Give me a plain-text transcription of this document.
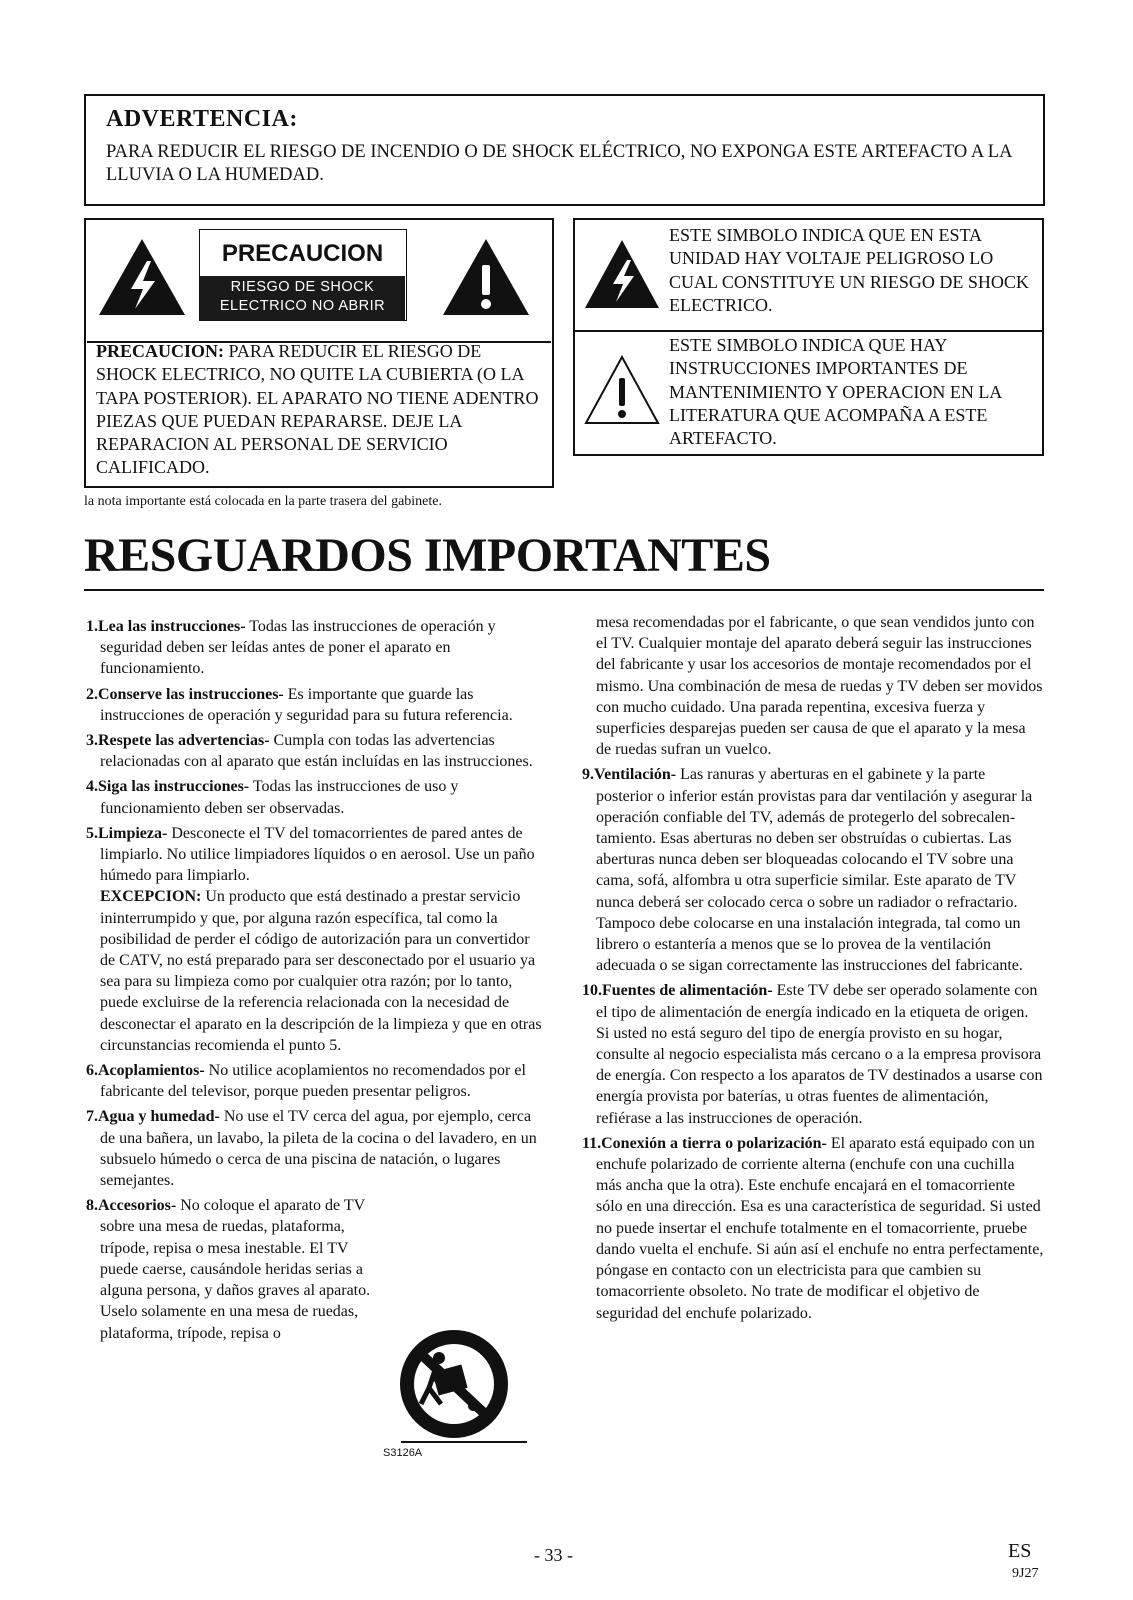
ADVERTENCIA:

PARA REDUCIR EL RIESGO DE INCENDIO O DE SHOCK ELÉCTRICO, NO EXPONGA ESTE ARTEFACTO A LA LLUVIA O LA HUMEDAD.

PRECAUCION

RIESGO DE SHOCK

ELECTRICO NO ABRIR

PRECAUCION: PARA REDUCIR EL RIESGO DE SHOCK ELECTRICO, NO QUITE LA CUBIERTA (O LA TAPA POSTERIOR). EL APARATO NO TIENE ADENTRO PIEZAS QUE PUEDAN REPARARSE. DEJE LA REPARACION AL PERSONAL DE SERVICIO CALIFICADO.

ESTE SIMBOLO INDICA QUE EN ESTA UNIDAD HAY VOLTAJE PELIGROSO LO CUAL CONSTITUYE UN RIESGO DE SHOCK ELECTRICO.

ESTE SIMBOLO INDICA QUE HAY INSTRUCCIONES IMPORTANTES DE MANTENIMIENTO Y OPERACION EN LA LITERATURA QUE ACOMPAÑA A ESTE ARTEFACTO.

la nota importante está colocada en la parte trasera del gabinete.

RESGUARDOS IMPORTANTES

1.Lea las instrucciones- Todas las instrucciones de operación y seguridad deben ser leídas antes de poner el aparato en funcionamiento.

2.Conserve las instrucciones- Es importante que guarde las instrucciones de operación y seguridad para su futura referencia.

3.Respete las advertencias- Cumpla con todas las advertencias relacionadas con al aparato que están incluídas en las instrucciones.

4.Siga las instrucciones- Todas las instrucciones de uso y funcionamiento deben ser observadas.

5.Limpieza- Desconecte el TV del tomacorrientes de pared antes de limpiarlo. No utilice limpiadores líquidos o en aerosol. Use un paño húmedo para limpiarlo.

EXCEPCION: Un producto que está destinado a prestar servicio ininterrumpido y que, por alguna razón específica, tal como la posibilidad de perder el código de autorización para un convertidor de CATV, no está preparado para ser desconectado por el usuario ya sea para su limpieza como por cualquier otra razón; por lo tanto, puede excluirse de la referencia relacionada con la necesidad de desconectar el aparato en la descripción de la limpieza y que en otras circunstancias recomienda el punto 5.

6.Acoplamientos- No utilice acoplamientos no recomendados por el fabricante del televisor, porque pueden presentar peligros.

7.Agua y humedad- No use el TV cerca del agua, por ejemplo, cerca de una bañera, un lavabo, la pileta de la cocina o del lavadero, en un subsuelo húmedo o cerca de una piscina de natación, o lugares semejantes.

8.Accesorios- No coloque el aparato de TV sobre una mesa de ruedas, plataforma, trípode, repisa o mesa inestable. El TV puede caerse, causándole heridas serias a alguna persona, y daños graves al aparato. Uselo solamente en una mesa de ruedas, plataforma, trípode, repisa o

S3126A

mesa recomendadas por el fabricante, o que sean vendidos junto con el TV. Cualquier montaje del aparato deberá seguir las instrucciones del fabricante y usar los accesorios de montaje recomendados por el mismo. Una combinación de mesa de ruedas y TV deben ser movidos con mucho cuidado. Una parada repentina, excesiva fuerza y superficies desparejas pueden ser causa de que el aparato y la mesa de ruedas sufran un vuelco.

9.Ventilación- Las ranuras y aberturas en el gabinete y la parte posterior o inferior están provistas para dar ventilación y asegurar la operación confiable del TV, además de protegerlo del sobrecalen-tamiento. Esas aberturas no deben ser obstruídas o cubiertas. Las aberturas nunca deben ser bloqueadas colocando el TV sobre una cama, sofá, alfombra u otra superficie similar. Este aparato de TV nunca deberá ser colocado cerca o sobre un radiador o refractario. Tampoco debe colocarse en una instalación integrada, tal como un librero o estantería a menos que se lo provea de la ventilación adecuada o se sigan correctamente las instrucciones del fabricante.

10.Fuentes de alimentación- Este TV debe ser operado solamente con el tipo de alimentación de energía indicado en la etiqueta de origen. Si usted no está seguro del tipo de energía provisto en su hogar, consulte al negocio especialista más cercano o a la empresa provisora de energía. Con respecto a los aparatos de TV destinados a usarse con energía provista por baterías, u otras fuentes de alimentación, refiérase a las instrucciones de operación.

11.Conexión a tierra o polarización- El aparato está equipado con un enchufe polarizado de corriente alterna (enchufe con una cuchilla más ancha que la otra). Este enchufe encajará en el tomacorriente sólo en una dirección. Esa es una característica de seguridad. Si usted no puede insertar el enchufe totalmente en el tomacorriente, pruebe dando vuelta el enchufe. Si aún así el enchufe no entra perfectamente, póngase en contacto con un electricista para que cambien su tomacorriente obsoleto. No trate de modificar el objetivo de seguridad del enchufe polarizado.

- 33 -	ES

9J27
